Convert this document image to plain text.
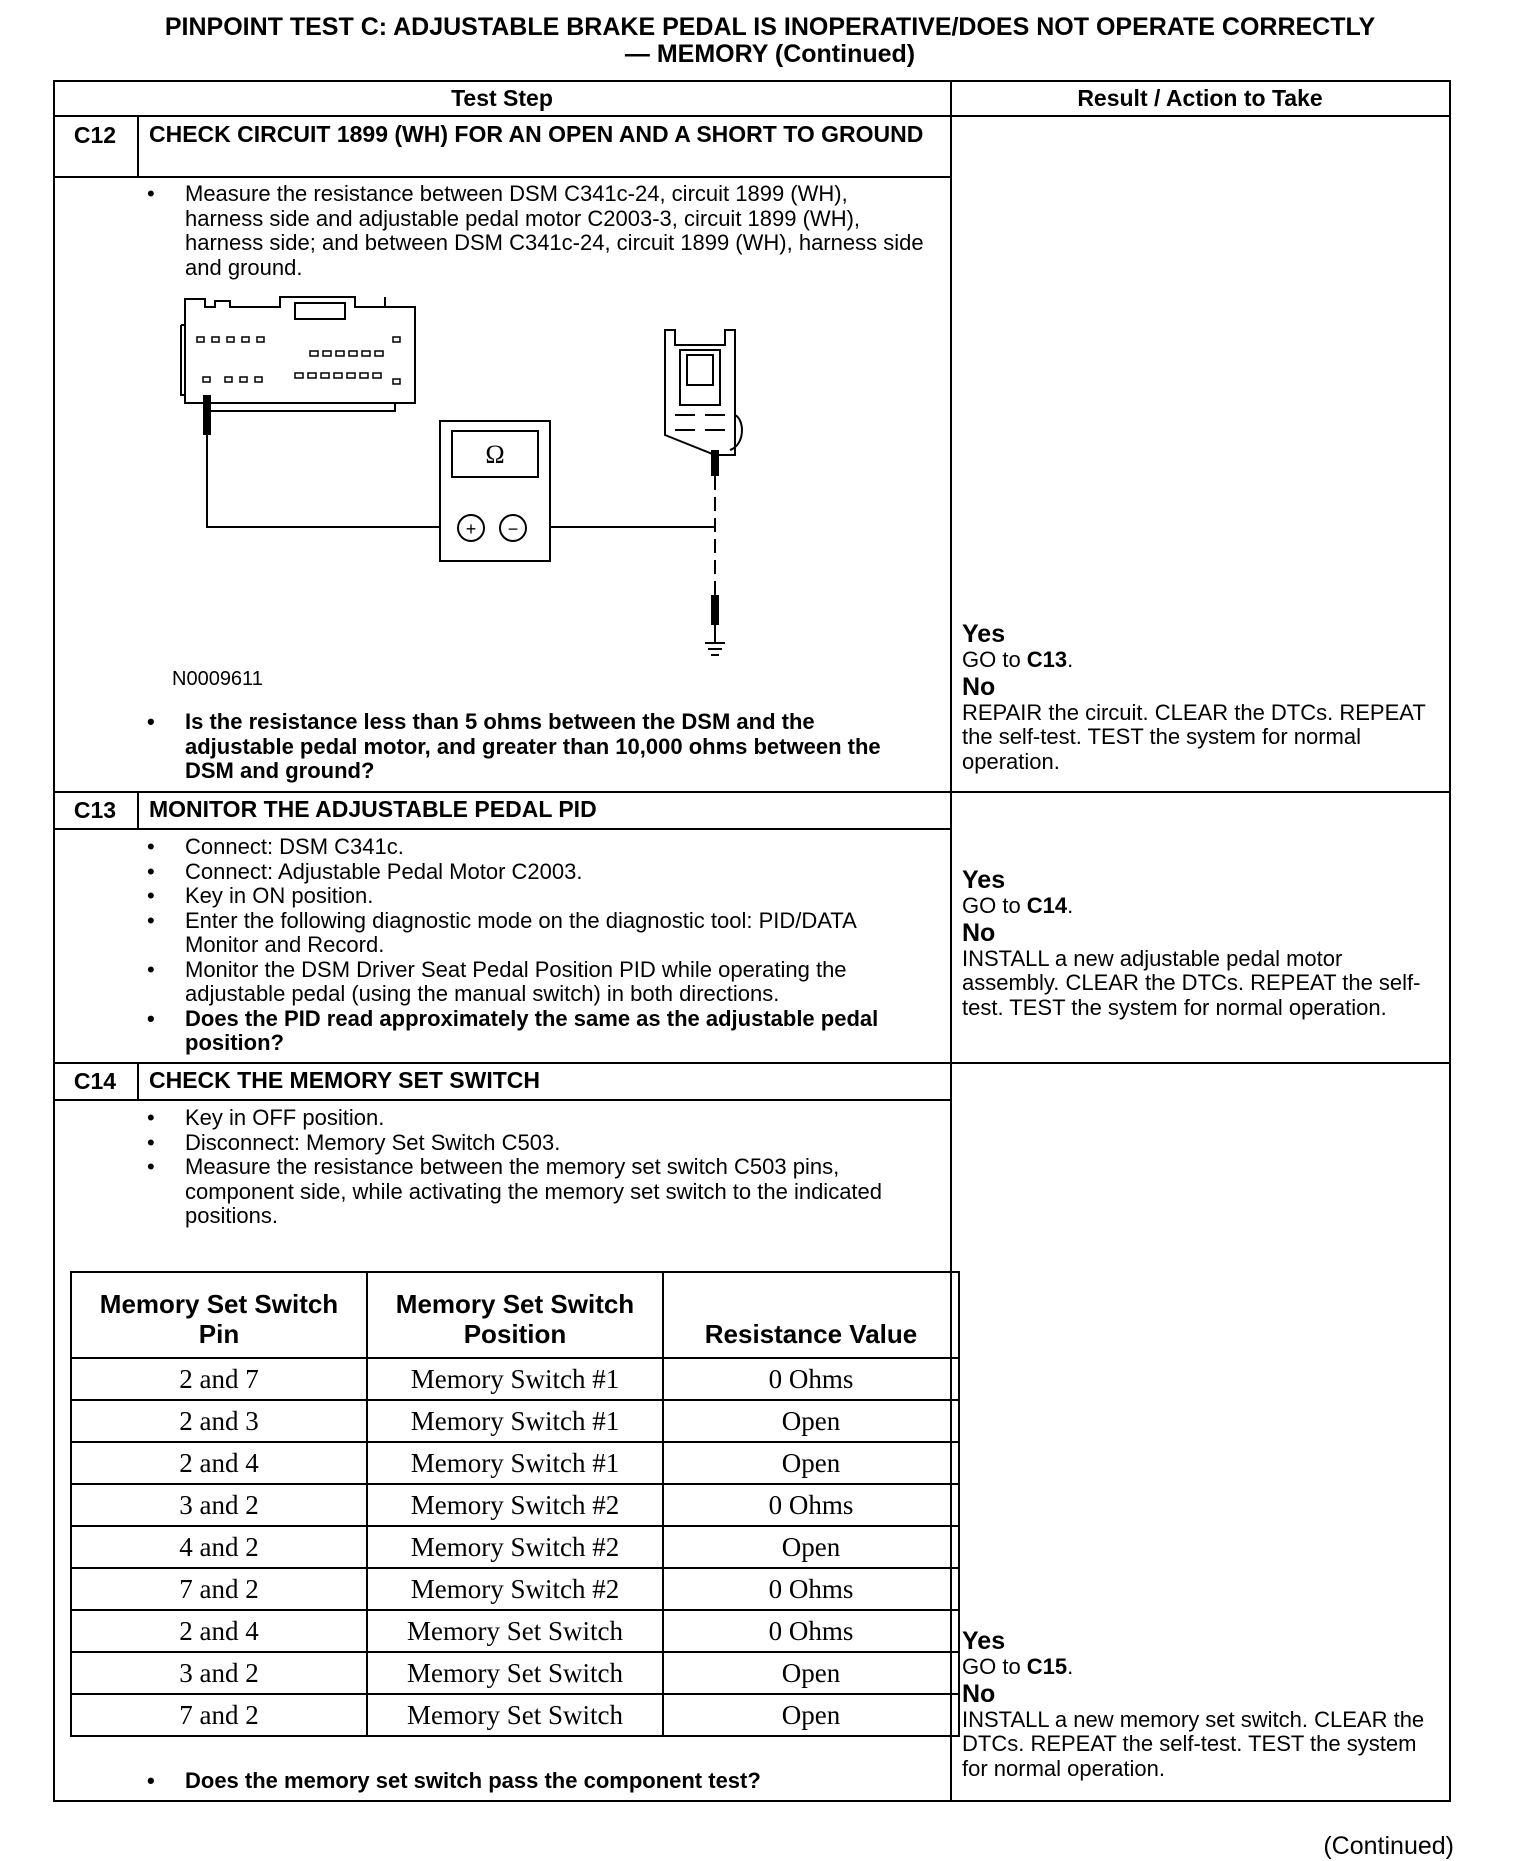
PINPOINT TEST C: ADJUSTABLE BRAKE PEDAL IS INOPERATIVE/DOES NOT OPERATE CORRECTLY
— MEMORY (Continued)
Test Step	Result / Action to Take
C12	CHECK CIRCUIT 1899 (WH) FOR AN OPEN AND A SHORT TO GROUND
• Measure the resistance between DSM C341c-24, circuit 1899 (WH), harness side and adjustable pedal motor C2003-3, circuit 1899 (WH), harness side; and between DSM C341c-24, circuit 1899 (WH), harness side and ground.
Ω
+ −
N0009611
• Is the resistance less than 5 ohms between the DSM and the adjustable pedal motor, and greater than 10,000 ohms between the DSM and ground?
Yes
GO to C13.
No
REPAIR the circuit. CLEAR the DTCs. REPEAT the self-test. TEST the system for normal operation.
C13	MONITOR THE ADJUSTABLE PEDAL PID
• Connect: DSM C341c.
• Connect: Adjustable Pedal Motor C2003.
• Key in ON position.
• Enter the following diagnostic mode on the diagnostic tool: PID/DATA Monitor and Record.
• Monitor the DSM Driver Seat Pedal Position PID while operating the adjustable pedal (using the manual switch) in both directions.
• Does the PID read approximately the same as the adjustable pedal position?
Yes
GO to C14.
No
INSTALL a new adjustable pedal motor assembly. CLEAR the DTCs. REPEAT the self-test. TEST the system for normal operation.
C14	CHECK THE MEMORY SET SWITCH
• Key in OFF position.
• Disconnect: Memory Set Switch C503.
• Measure the resistance between the memory set switch C503 pins, component side, while activating the memory set switch to the indicated positions.
Memory Set Switch Pin	Memory Set Switch Position	Resistance Value
2 and 7	Memory Switch #1	0 Ohms
2 and 3	Memory Switch #1	Open
2 and 4	Memory Switch #1	Open
3 and 2	Memory Switch #2	0 Ohms
4 and 2	Memory Switch #2	Open
7 and 2	Memory Switch #2	0 Ohms
2 and 4	Memory Set Switch	0 Ohms
3 and 2	Memory Set Switch	Open
7 and 2	Memory Set Switch	Open
• Does the memory set switch pass the component test?
Yes
GO to C15.
No
INSTALL a new memory set switch. CLEAR the DTCs. REPEAT the self-test. TEST the system for normal operation.
(Continued)
